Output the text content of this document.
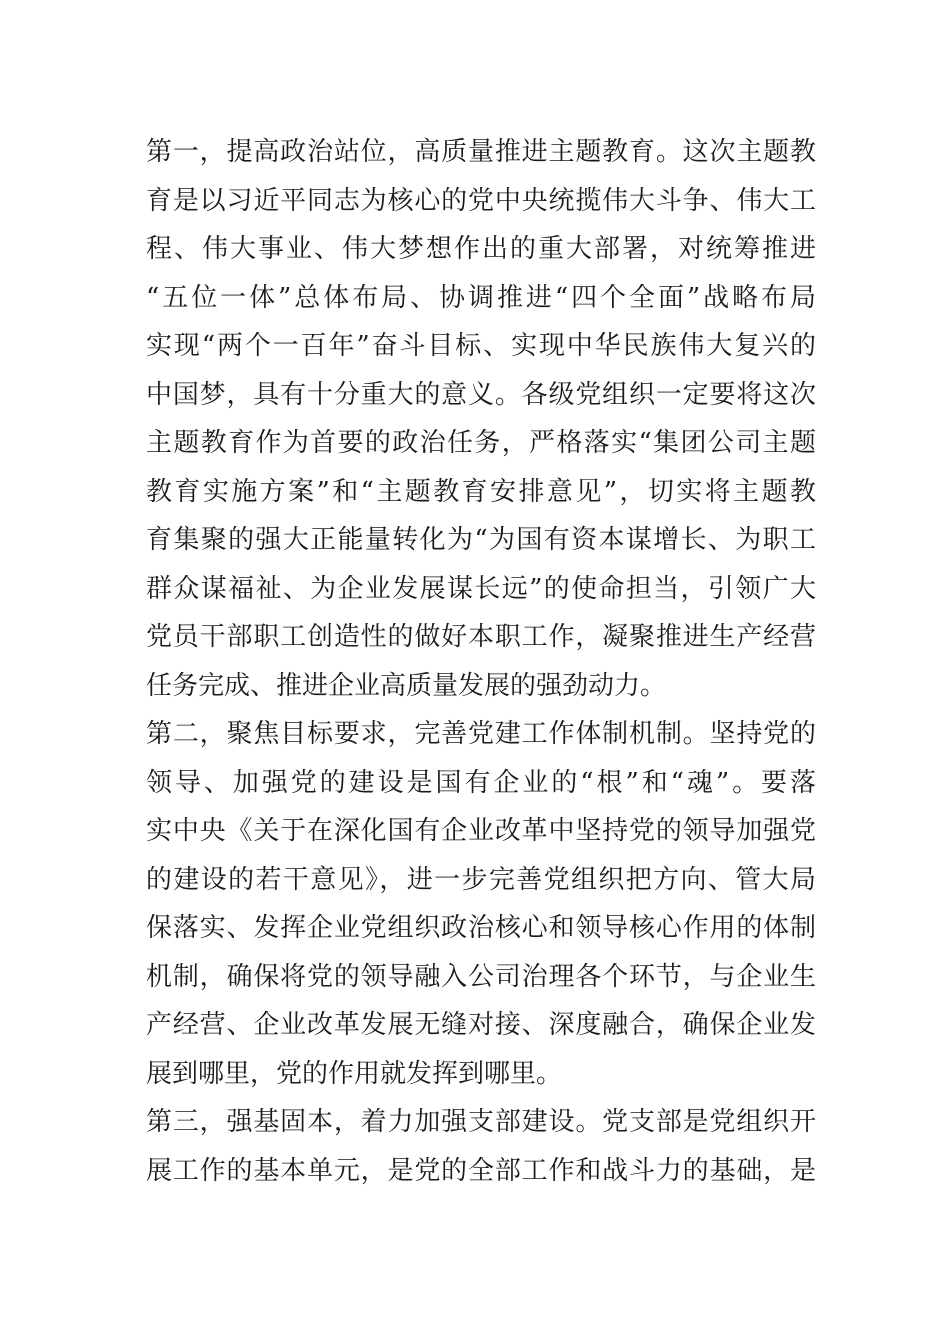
第一，提高政治站位，高质量推进主题教育。这次主题教
育是以习近平同志为核心的党中央统揽伟大斗争、伟大工
程、伟大事业、伟大梦想作出的重大部署，对统筹推进
“五位一体”总体布局、协调推进“四个全面”战略布局
实现“两个一百年”奋斗目标、实现中华民族伟大复兴的
中国梦，具有十分重大的意义。各级党组织一定要将这次
主题教育作为首要的政治任务，严格落实“集团公司主题
教育实施方案”和“主题教育安排意见”，切实将主题教
育集聚的强大正能量转化为“为国有资本谋增长、为职工
群众谋福祉、为企业发展谋长远”的使命担当，引领广大
党员干部职工创造性的做好本职工作，凝聚推进生产经营
任务完成、推进企业高质量发展的强劲动力。
第二，聚焦目标要求，完善党建工作体制机制。坚持党的
领导、加强党的建设是国有企业的“根”和“魂”。要落
实中央《关于在深化国有企业改革中坚持党的领导加强党
的建设的若干意见》，进一步完善党组织把方向、管大局
保落实、发挥企业党组织政治核心和领导核心作用的体制
机制，确保将党的领导融入公司治理各个环节，与企业生
产经营、企业改革发展无缝对接、深度融合，确保企业发
展到哪里，党的作用就发挥到哪里。
第三，强基固本，着力加强支部建设。党支部是党组织开
展工作的基本单元，是党的全部工作和战斗力的基础，是
